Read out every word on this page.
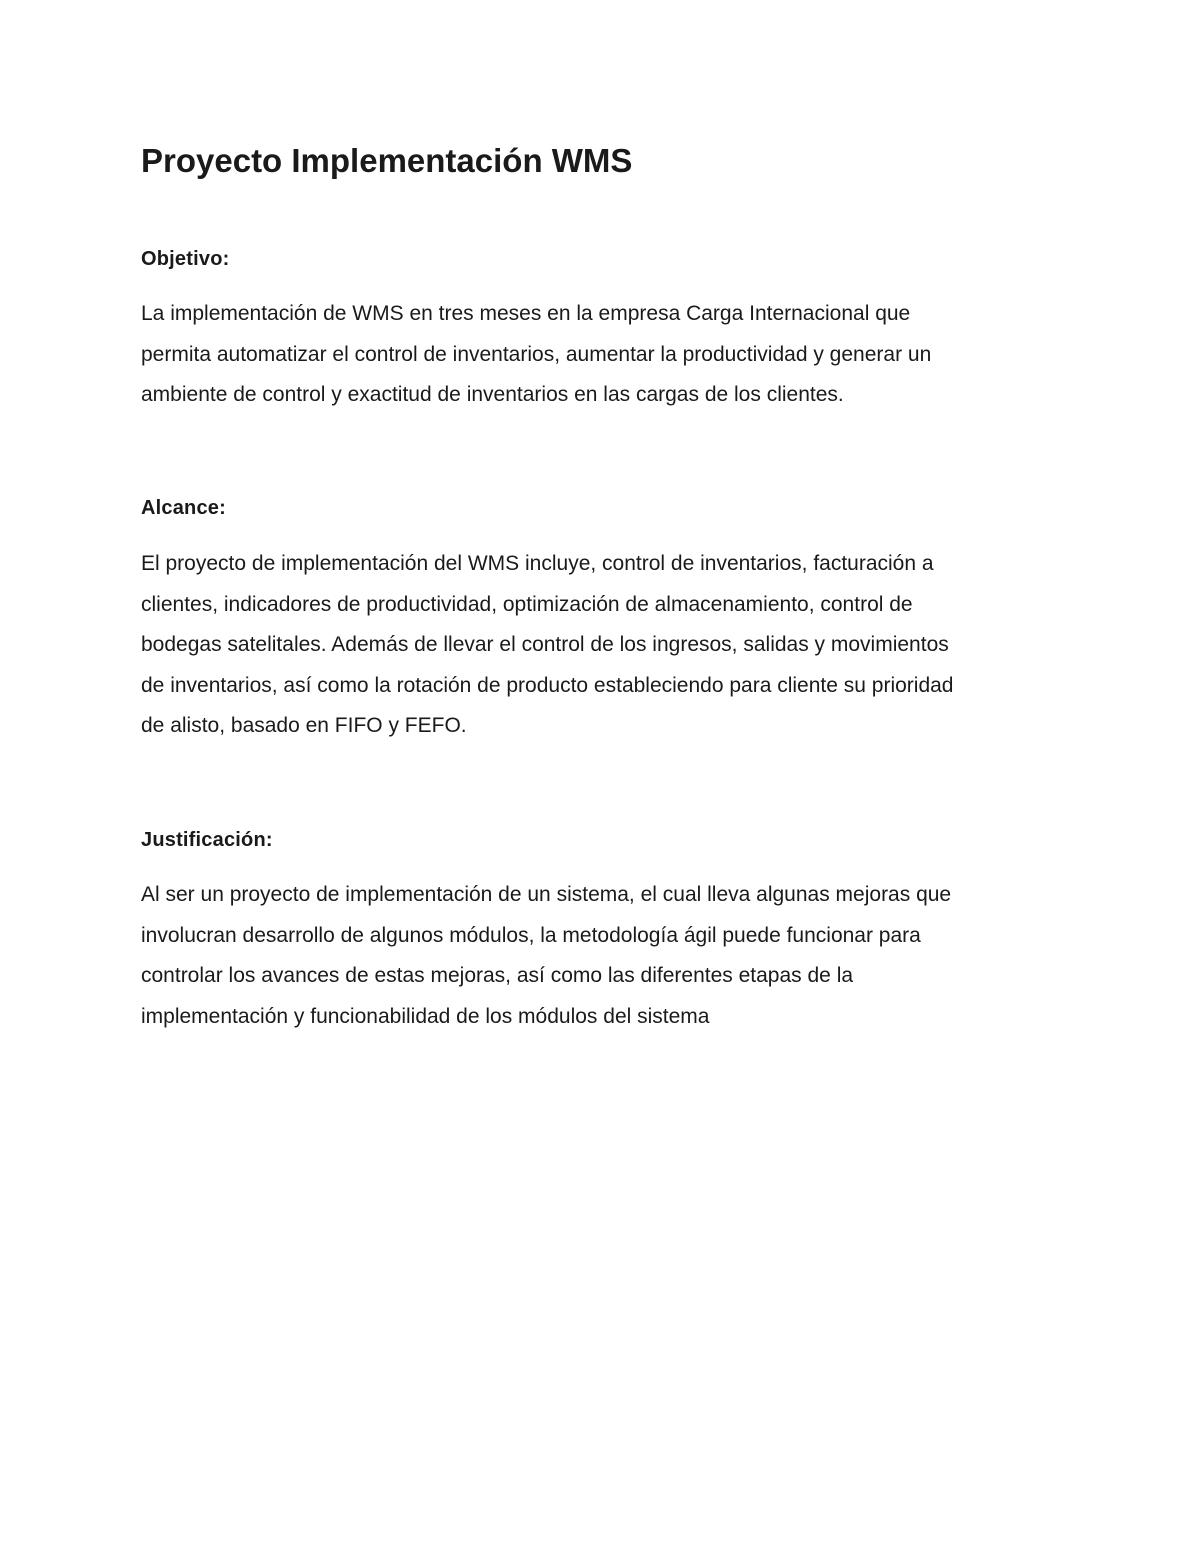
Proyecto Implementación WMS
Objetivo:

La implementación de WMS en tres meses en la empresa Carga Internacional que
permita automatizar el control de inventarios, aumentar la productividad y generar un
ambiente de control y exactitud de inventarios en las cargas de los clientes.

Alcance:

El proyecto de implementación del WMS incluye, control de inventarios, facturación a
clientes, indicadores de productividad, optimización de almacenamiento, control de
bodegas satelitales. Además de llevar el control de los ingresos, salidas y movimientos
de inventarios, así como la rotación de producto estableciendo para cliente su prioridad
de alisto, basado en FIFO y FEFO.

Justificación:

Al ser un proyecto de implementación de un sistema, el cual lleva algunas mejoras que
involucran desarrollo de algunos módulos, la metodología ágil puede funcionar para
controlar los avances de estas mejoras, así como las diferentes etapas de la
implementación y funcionabilidad de los módulos del sistema
